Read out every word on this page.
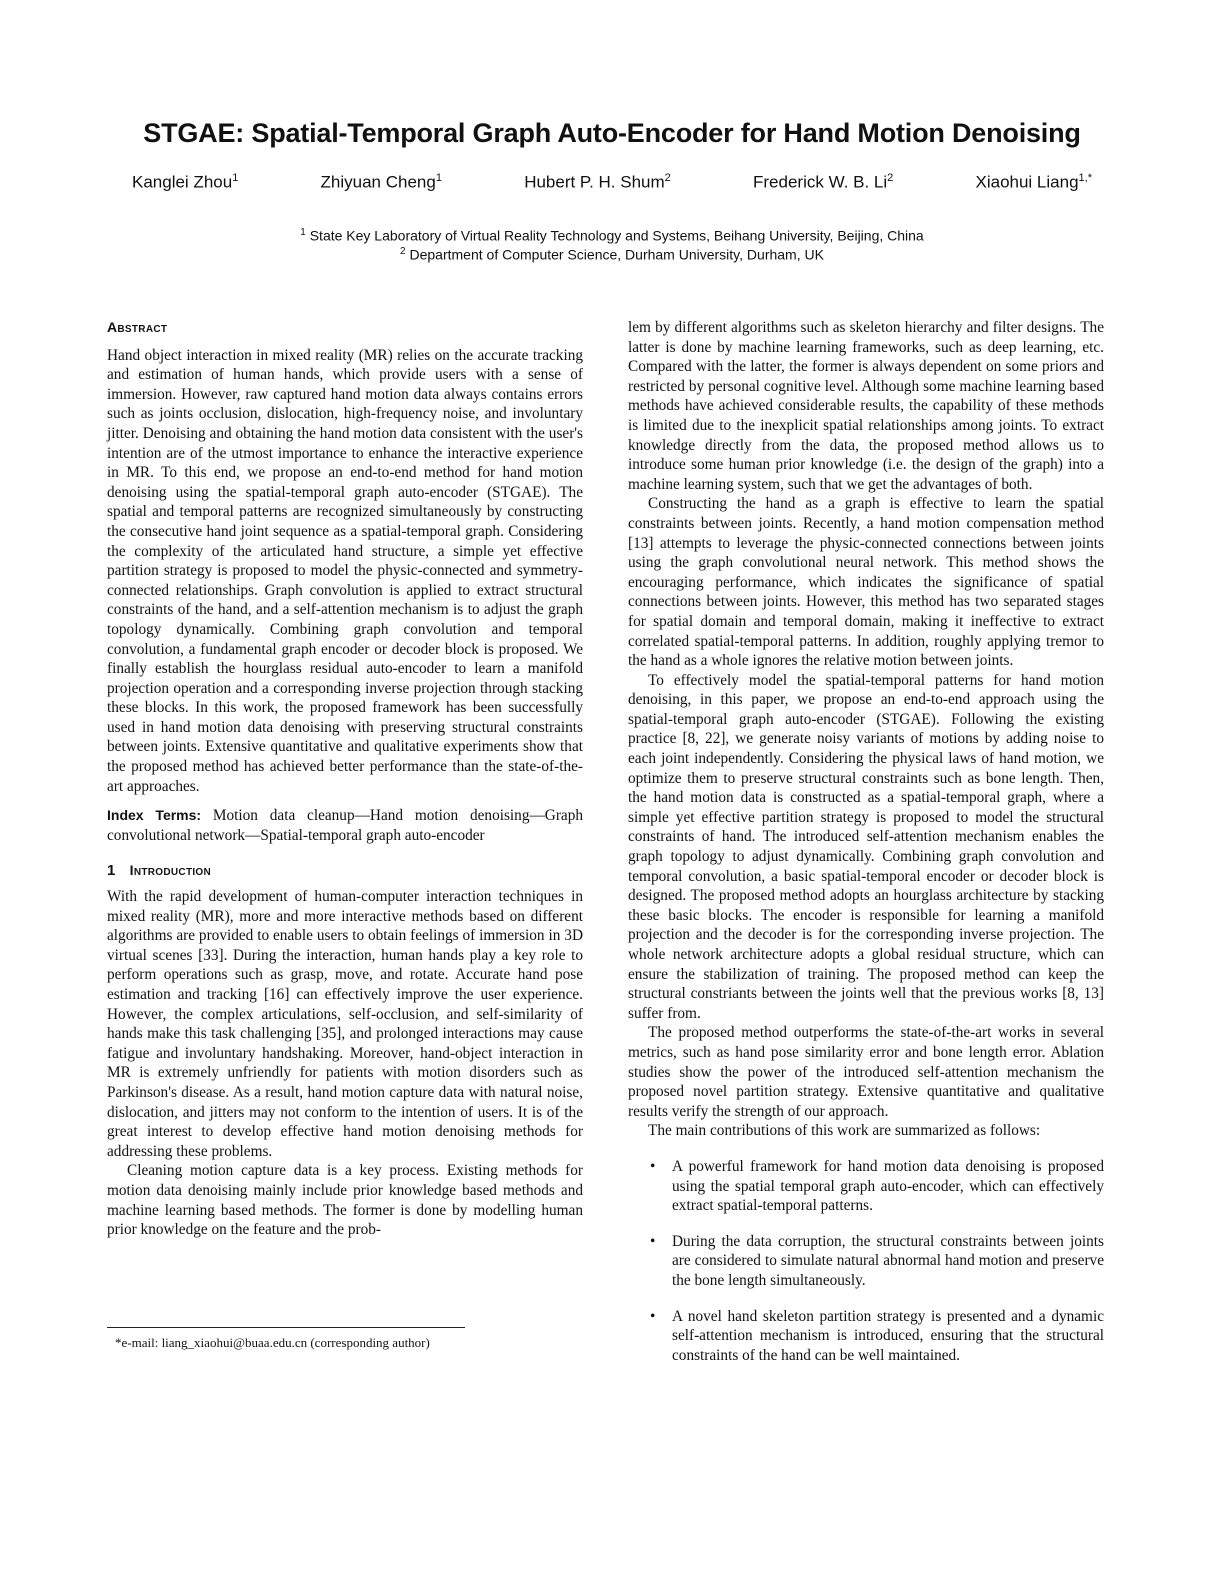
STGAE: Spatial-Temporal Graph Auto-Encoder for Hand Motion Denoising
Kanglei Zhou$^1$	Zhiyuan Cheng$^1$	Hubert P. H. Shum$^2$	Frederick W. B. Li$^2$	Xiaohui Liang$^{1,*}$
$^1$ State Key Laboratory of Virtual Reality Technology and Systems, Beihang University, Beijing, China
$^2$ Department of Computer Science, Durham University, Durham, UK
Abstract

Hand object interaction in mixed reality (MR) relies on the accurate tracking and estimation of human hands, which provide users with a sense of immersion. However, raw captured hand motion data always contains errors such as joints occlusion, dislocation, high-frequency noise, and involuntary jitter. Denoising and obtaining the hand motion data consistent with the user's intention are of the utmost importance to enhance the interactive experience in MR. To this end, we propose an end-to-end method for hand motion denoising using the spatial-temporal graph auto-encoder (STGAE). The spatial and temporal patterns are recognized simultaneously by constructing the consecutive hand joint sequence as a spatial-temporal graph. Considering the complexity of the articulated hand structure, a simple yet effective partition strategy is proposed to model the physic-connected and symmetry-connected relationships. Graph convolution is applied to extract structural constraints of the hand, and a self-attention mechanism is to adjust the graph topology dynamically. Combining graph convolution and temporal convolution, a fundamental graph encoder or decoder block is proposed. We finally establish the hourglass residual auto-encoder to learn a manifold projection operation and a corresponding inverse projection through stacking these blocks. In this work, the proposed framework has been successfully used in hand motion data denoising with preserving structural constraints between joints. Extensive quantitative and qualitative experiments show that the proposed method has achieved better performance than the state-of-the-art approaches.

Index Terms: Motion data cleanup—Hand motion denoising—Graph convolutional network—Spatial-temporal graph auto-encoder

1 Introduction

With the rapid development of human-computer interaction techniques in mixed reality (MR), more and more interactive methods based on different algorithms are provided to enable users to obtain feelings of immersion in 3D virtual scenes [33]. During the interaction, human hands play a key role to perform operations such as grasp, move, and rotate. Accurate hand pose estimation and tracking [16] can effectively improve the user experience. However, the complex articulations, self-occlusion, and self-similarity of hands make this task challenging [35], and prolonged interactions may cause fatigue and involuntary handshaking. Moreover, hand-object interaction in MR is extremely unfriendly for patients with motion disorders such as Parkinson's disease. As a result, hand motion capture data with natural noise, dislocation, and jitters may not conform to the intention of users. It is of the great interest to develop effective hand motion denoising methods for addressing these problems.

Cleaning motion capture data is a key process. Existing methods for motion data denoising mainly include prior knowledge based methods and machine learning based methods. The former is done by modelling human prior knowledge on the feature and the prob-

*e-mail: liang_xiaohui@buaa.edu.cn (corresponding author)

lem by different algorithms such as skeleton hierarchy and filter designs. The latter is done by machine learning frameworks, such as deep learning, etc. Compared with the latter, the former is always dependent on some priors and restricted by personal cognitive level. Although some machine learning based methods have achieved considerable results, the capability of these methods is limited due to the inexplicit spatial relationships among joints. To extract knowledge directly from the data, the proposed method allows us to introduce some human prior knowledge (i.e. the design of the graph) into a machine learning system, such that we get the advantages of both.

Constructing the hand as a graph is effective to learn the spatial constraints between joints. Recently, a hand motion compensation method [13] attempts to leverage the physic-connected connections between joints using the graph convolutional neural network. This method shows the encouraging performance, which indicates the significance of spatial connections between joints. However, this method has two separated stages for spatial domain and temporal domain, making it ineffective to extract correlated spatial-temporal patterns. In addition, roughly applying tremor to the hand as a whole ignores the relative motion between joints.

To effectively model the spatial-temporal patterns for hand motion denoising, in this paper, we propose an end-to-end approach using the spatial-temporal graph auto-encoder (STGAE). Following the existing practice [8, 22], we generate noisy variants of motions by adding noise to each joint independently. Considering the physical laws of hand motion, we optimize them to preserve structural constraints such as bone length. Then, the hand motion data is constructed as a spatial-temporal graph, where a simple yet effective partition strategy is proposed to model the structural constraints of hand. The introduced self-attention mechanism enables the graph topology to adjust dynamically. Combining graph convolution and temporal convolution, a basic spatial-temporal encoder or decoder block is designed. The proposed method adopts an hourglass architecture by stacking these basic blocks. The encoder is responsible for learning a manifold projection and the decoder is for the corresponding inverse projection. The whole network architecture adopts a global residual structure, which can ensure the stabilization of training. The proposed method can keep the structural constriants between the joints well that the previous works [8, 13] suffer from.

The proposed method outperforms the state-of-the-art works in several metrics, such as hand pose similarity error and bone length error. Ablation studies show the power of the introduced self-attention mechanism the proposed novel partition strategy. Extensive quantitative and qualitative results verify the strength of our approach.

The main contributions of this work are summarized as follows:

• A powerful framework for hand motion data denoising is proposed using the spatial temporal graph auto-encoder, which can effectively extract spatial-temporal patterns.
• During the data corruption, the structural constraints between joints are considered to simulate natural abnormal hand motion and preserve the bone length simultaneously.
• A novel hand skeleton partition strategy is presented and a dynamic self-attention mechanism is introduced, ensuring that the structural constraints of the hand can be well maintained.
